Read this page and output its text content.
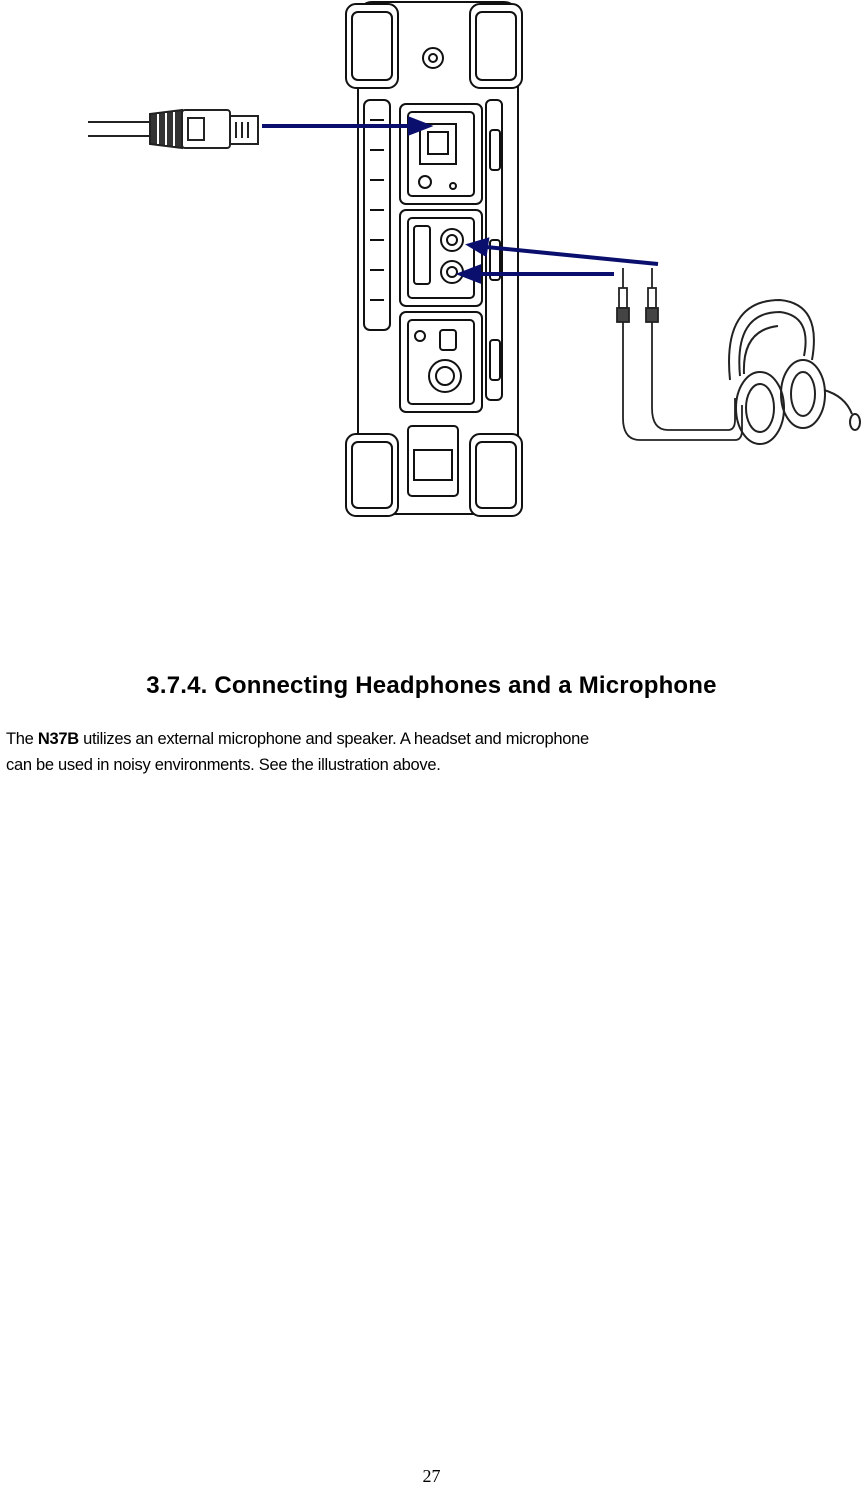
3.7.4. Connecting Headphones and a Microphone
The N37B utilizes an external microphone and speaker. A headset and microphone
can be used in noisy environments. See the illustration above.
27
